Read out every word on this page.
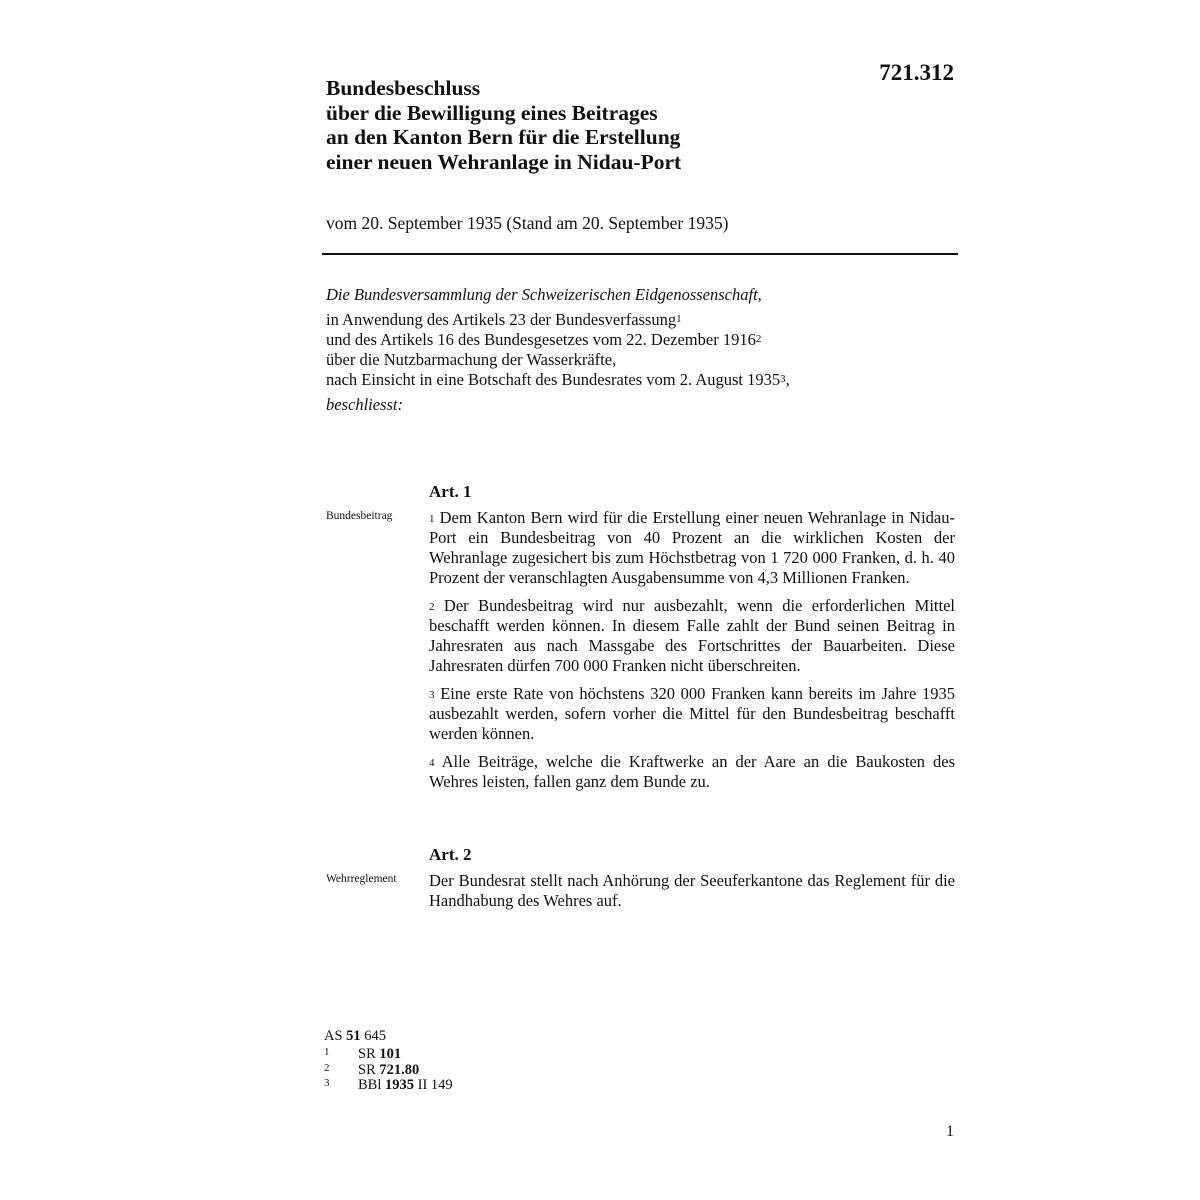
721.312
Bundesbeschluss
über die Bewilligung eines Beitrages
an den Kanton Bern für die Erstellung
einer neuen Wehranlage in Nidau-Port
vom 20. September 1935 (Stand am 20. September 1935)
Die Bundesversammlung der Schweizerischen Eidgenossenschaft,
in Anwendung des Artikels 23 der Bundesverfassung$^1$
und des Artikels 16 des Bundesgesetzes vom 22. Dezember 1916$^2$
über die Nutzbarmachung der Wasserkräfte,
nach Einsicht in eine Botschaft des Bundesrates vom 2. August 1935$^3$,
beschliesst:
Art. 1
Bundesbeitrag	$^1$ Dem Kanton Bern wird für die Erstellung einer neuen Wehranlage in Nidau-Port ein Bundesbeitrag von 40 Prozent an die wirklichen Kosten der Wehranlage zugesichert bis zum Höchstbetrag von 1 720 000 Franken, d. h. 40 Prozent der veranschlagten Ausgabensumme von 4,3 Millionen Franken.
$^2$ Der Bundesbeitrag wird nur ausbezahlt, wenn die erforderlichen Mittel beschafft werden können. In diesem Falle zahlt der Bund seinen Beitrag in Jahresraten aus nach Massgabe des Fortschrittes der Bauarbeiten. Diese Jahresraten dürfen 700 000 Franken nicht überschreiten.
$^3$ Eine erste Rate von höchstens 320 000 Franken kann bereits im Jahre 1935 ausbezahlt werden, sofern vorher die Mittel für den Bundesbeitrag beschafft werden können.
$^4$ Alle Beiträge, welche die Kraftwerke an der Aare an die Baukosten des Wehres leisten, fallen ganz dem Bunde zu.
Art. 2
Wehrreglement Der Bundesrat stellt nach Anhörung der Seeuferkantone das Reglement für die Handhabung des Wehres auf.
AS 51 645
1 SR 101
2 SR 721.80
3 BBl 1935 II 149
1
